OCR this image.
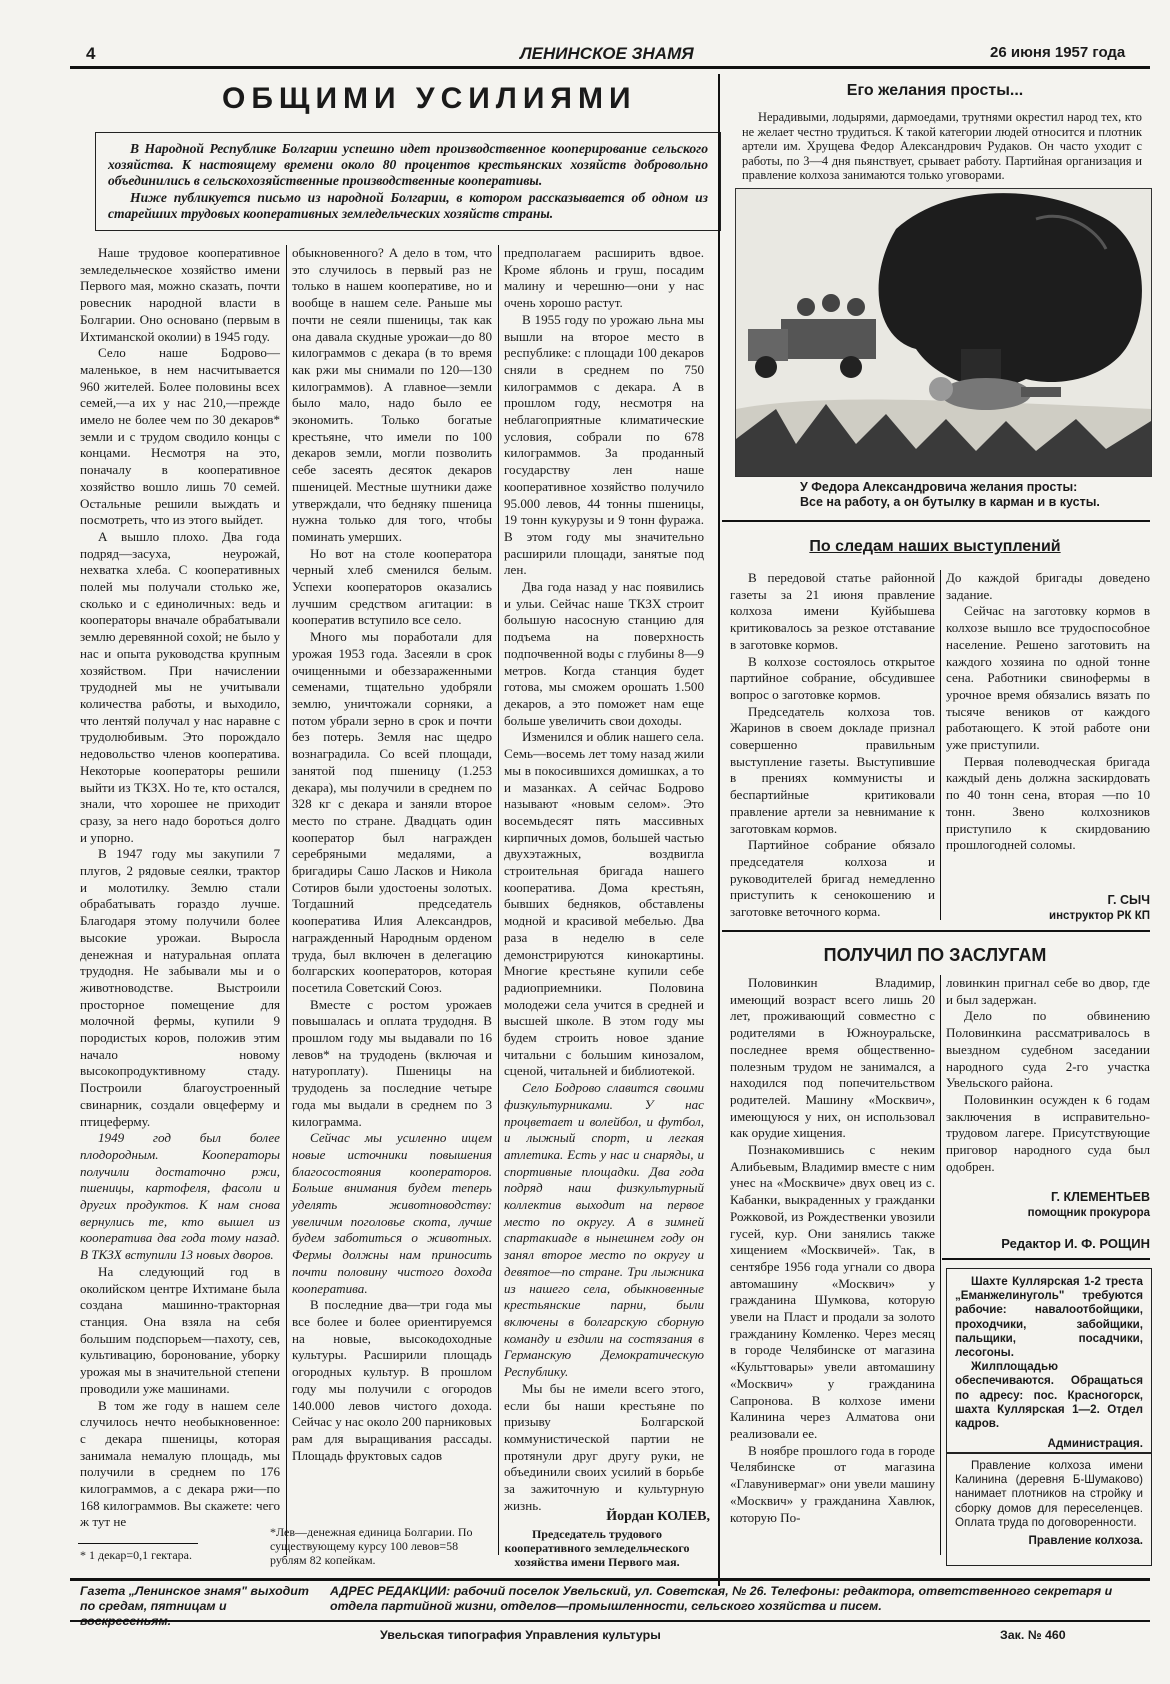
4	ЛЕНИНСКОЕ ЗНАМЯ	26 июня 1957 года
ОБЩИМИ УСИЛИЯМИ

В Народной Республике Болгарии успешно идет производственное кооперирование сельского хозяйства. К настоящему времени около 80 процентов крестьянских хозяйств добровольно объединились в сельскохозяйственные производственные кооперативы.

Ниже публикуется письмо из народной Болгарии, в котором рассказывается об одном из старейших трудовых кооперативных земледельческих хозяйств страны.

Наше трудовое кооперативное земледельческое хозяйство имени Первого мая, можно сказать, почти ровесник народной власти в Болгарии. Оно основано (первым в Ихтиманской околии) в 1945 году.

Село наше Бодрово—маленькое, в нем насчитывается 960 жителей. Более половины всех семей,—а их у нас 210,—прежде имело не более чем по 30 декаров* земли и с трудом сводило концы с концами. Несмотря на это, поначалу в кооперативное хозяйство вошло лишь 70 семей. Остальные решили выждать и посмотреть, что из этого выйдет.

А вышло плохо. Два года подряд—засуха, неурожай, нехватка хлеба. С кооперативных полей мы получали столько же, сколько и с единоличных: ведь и кооператоры вначале обрабатывали землю деревянной сохой; не было у нас и опыта руководства крупным хозяйством. При начислении трудодней мы не учитывали количества работы, и выходило, что лентяй получал у нас наравне с трудолюбивым. Это порождало недовольство членов кооператива. Некоторые кооператоры решили выйти из ТКЗХ. Но те, кто остался, знали, что хорошее не приходит сразу, за него надо бороться долго и упорно.

В 1947 году мы закупили 7 плугов, 2 рядовые сеялки, трактор и молотилку. Землю стали обрабатывать гораздо лучше. Благодаря этому получили более высокие урожаи. Выросла денежная и натуральная оплата трудодня. Не забывали мы и о животноводстве. Выстроили просторное помещение для молочной фермы, купили 9 породистых коров, положив этим начало новому высокопродуктивному стаду. Построили благоустроенный свинарник, создали овцеферму и птицеферму.

1949 год был более плодородным. Кооператоры получили достаточно ржи, пшеницы, картофеля, фасоли и других продуктов. К нам снова вернулись те, кто вышел из кооператива два года тому назад. В ТКЗХ вступили 13 новых дворов.

На следующий год в околийском центре Ихтимане была создана машинно-тракторная станция. Она взяла на себя большим подспорьем—пахоту, сев, культивацию, боронование, уборку урожая мы в значительной степени проводили уже машинами.

В том же году в нашем селе случилось нечто необыкновенное: с декара пшеницы, которая занимала немалую площадь, мы получили в среднем по 176 килограммов, а с декара ржи—по 168 килограммов. Вы скажете: чего ж тут не

обыкновенного? А дело в том, что это случилось в первый раз не только в нашем кооперативе, но и вообще в нашем селе. Раньше мы почти не сеяли пшеницы, так как она давала скудные урожаи—до 80 килограммов с декара (в то время как ржи мы снимали по 120—130 килограммов). А главное—земли было мало, надо было ее экономить. Только богатые крестьяне, что имели по 100 декаров земли, могли позволить себе засеять десяток декаров пшеницей. Местные шутники даже утверждали, что бедняку пшеница нужна только для того, чтобы поминать умерших.

Но вот на столе кооператора черный хлеб сменился белым. Успехи кооператоров оказались лучшим средством агитации: в кооператив вступило все село.

Много мы поработали для урожая 1953 года. Засеяли в срок очищенными и обеззараженными семенами, тщательно удобряли землю, уничтожали сорняки, а потом убрали зерно в срок и почти без потерь. Земля нас щедро вознаградила. Со всей площади, занятой под пшеницу (1.253 декара), мы получили в среднем по 328 кг с декара и заняли второе место по стране. Двадцать один кооператор был награжден серебряными медалями, а бригадиры Сашо Ласков и Никола Сотиров были удостоены золотых. Тогдашний председатель кооператива Илия Александров, награжденный Народным орденом труда, был включен в делегацию болгарских кооператоров, которая посетила Советский Союз.

Вместе с ростом урожаев повышалась и оплата трудодня. В прошлом году мы выдавали по 16 левов* на трудодень (включая и натуроплату). Пшеницы на трудодень за последние четыре года мы выдали в среднем по 3 килограмма.

Сейчас мы усиленно ищем новые источники повышения благосостояния кооператоров. Больше внимания будем теперь уделять животноводству: увеличим поголовье скота, лучше будем заботиться о животных. Фермы должны нам приносить почти половину чистого дохода кооператива.

В последние два—три года мы все более и более ориентируемся на новые, высокодоходные культуры. Расширили площадь огородных культур. В прошлом году мы получили с огородов 140.000 левов чистого дохода. Сейчас у нас около 200 парниковых рам для выращивания рассады. Площадь фруктовых садов

предполагаем расширить вдвое. Кроме яблонь и груш, посадим малину и черешню—они у нас очень хорошо растут.

В 1955 году по урожаю льна мы вышли на второе место в республике: с площади 100 декаров сняли в среднем по 750 килограммов с декара. А в прошлом году, несмотря на неблагоприятные климатические условия, собрали по 678 килограммов. За проданный государству лен наше кооперативное хозяйство получило 95.000 левов, 44 тонны пшеницы, 19 тонн кукурузы и 9 тонн фуража. В этом году мы значительно расширили площади, занятые под лен.

Два года назад у нас появились и ульи. Сейчас наше ТКЗХ строит большую насосную станцию для подъема на поверхность подпочвенной воды с глубины 8—9 метров. Когда станция будет готова, мы сможем орошать 1.500 декаров, а это поможет нам еще больше увеличить свои доходы.

Изменился и облик нашего села. Семь—восемь лет тому назад жили мы в покосившихся домишках, а то и мазанках. А сейчас Бодрово называют «новым селом». Это восемьдесят пять массивных кирпичных домов, большей частью двухэтажных, воздвигла строительная бригада нашего кооператива. Дома крестьян, бывших бедняков, обставлены модной и красивой мебелью. Два раза в неделю в селе демонстрируются кинокартины. Многие крестьяне купили себе радиоприемники. Половина молодежи села учится в средней и высшей школе. В этом году мы будем строить новое здание читальни с большим кинозалом, сценой, читальней и библиотекой.

Село Бодрово славится своими физкультурниками. У нас процветает и волейбол, и футбол, и лыжный спорт, и легкая атлетика. Есть у нас и снаряды, и спортивные площадки. Два года подряд наш физкультурный коллектив выходит на первое место по округу. А в зимней спартакиаде в нынешнем году он занял второе место по округу и девятое—по стране. Три лыжника из нашего села, обыкновенные крестьянские парни, были включены в болгарскую сборную команду и ездили на состязания в Германскую Демократическую Республику.

Мы бы не имели всего этого, если бы наши крестьяне по призыву Болгарской коммунистической партии не протянули друг другу руки, не объединили своих усилий в борьбе за зажиточную и культурную жизнь.

Йордан КОЛЕВ,
Председатель трудового кооперативного земледельческого хозяйства имени Первого мая.
* 1 декар=0,1 гектара.
*Лев—денежная единица Болгарии. По существующему курсу 100 левов=58 рублям 82 копейкам.
Его желания просты...
Нерадивыми, лодырями, дармоедами, трутнями окрестил народ тех, кто не желает честно трудиться. К такой категории людей относится и плотник артели им. Хрущева Федор Александрович Рудаков. Он часто уходит с работы, по 3—4 дня пьянствует, срывает работу. Партийная организация и правление колхоза занимаются только уговорами.
У Федора Александровича желания просты:
Все на работу, а он бутылку в карман и в кусты.
По следам наших выступлений

В передовой статье районной газеты за 21 июня правление колхоза имени Куйбышева критиковалось за резкое отставание в заготовке кормов.

В колхозе состоялось открытое партийное собрание, обсудившее вопрос о заготовке кормов.

Председатель колхоза тов. Жаринов в своем докладе признал совершенно правильным выступление газеты. Выступившие в прениях коммунисты и беспартийные критиковали правление артели за невнимание к заготовкам кормов.

Партийное собрание обязало председателя колхоза и руководителей бригад немедленно приступить к сенокошению и заготовке веточного корма.

До каждой бригады доведено задание.

Сейчас на заготовку кормов в колхозе вышло все трудоспособное население. Решено заготовить на каждого хозяина по одной тонне сена. Работники свинофермы в урочное время обязались вязать по тысяче веников от каждого работающего. К этой работе они уже приступили.

Первая полеводческая бригада каждый день должна заскирдовать по 40 тонн сена, вторая —по 10 тонн. Звено колхозников приступило к скирдованию прошлогодней соломы.

Г. СЫЧ
инструктор РК КП
ПОЛУЧИЛ ПО ЗАСЛУГАМ

Половинкин Владимир, имеющий возраст всего лишь 20 лет, проживающий совместно с родителями в Южноуральске, последнее время общественно-полезным трудом не занимался, а находился под попечительством родителей. Машину «Москвич», имеющуюся у них, он использовал как орудие хищения.

Познакомившись с неким Алибьевым, Владимир вместе с ним унес на «Москвиче» двух овец из с. Кабанки, выкраденных у гражданки Рожковой, из Рождественки увозили гусей, кур. Они занялись также хищением «Москвичей». Так, в сентябре 1956 года угнали со двора автомашину «Москвич» у гражданина Шумкова, которую увели на Пласт и продали за золото гражданину Комленко. Через месяц в городе Челябинске от магазина «Культтовары» увели автомашину «Москвич» у гражданина Сапронова. В колхозе имени Калинина через Алматова они реализовали ее.

В ноябре прошлого года в городе Челябинске от магазина «Главунивермаг» они увели машину «Москвич» у гражданина Хавлюк, которую По-

ловинкин пригнал себе во двор, где и был задержан.

Дело по обвинению Половинкина рассматривалось в выездном судебном заседании народного суда 2-го участка Увельского района.

Половинкин осужден к 6 годам заключения в исправительно-трудовом лагере. Присутствующие приговор народного суда был одобрен.

Г. КЛЕМЕНТЬЕВ
помощник прокурора
Редактор И. Ф. РОЩИН

Шахте Куллярская 1-2 треста „Еманжелинуголь" требуются рабочие: навалоотбойщики, проходчики, забойщики, пальщики, посадчики, лесогоны.

Жилплощадью обеспечиваются. Обращаться по адресу: пос. Красногорск, шахта Куллярская 1—2. Отдел кадров.

Администрация.

Правление колхоза имени Калинина (деревня Б-Шумаково) нанимает плотников на стройку и сборку домов для переселенцев. Оплата труда по договоренности.

Правление колхоза.
Газета „Ленинское знамя" выходит по средам, пятницам и
АДРЕС РЕДАКЦИИ: рабочий поселок Увельский, ул. Советская, № 26. Телефоны: редактора, ответственного секретаря и отдела партийной жизни, отделов—промышленности, сельского хозяйства и писем.
Увельская типография Управления культуры	Зак. № 460
